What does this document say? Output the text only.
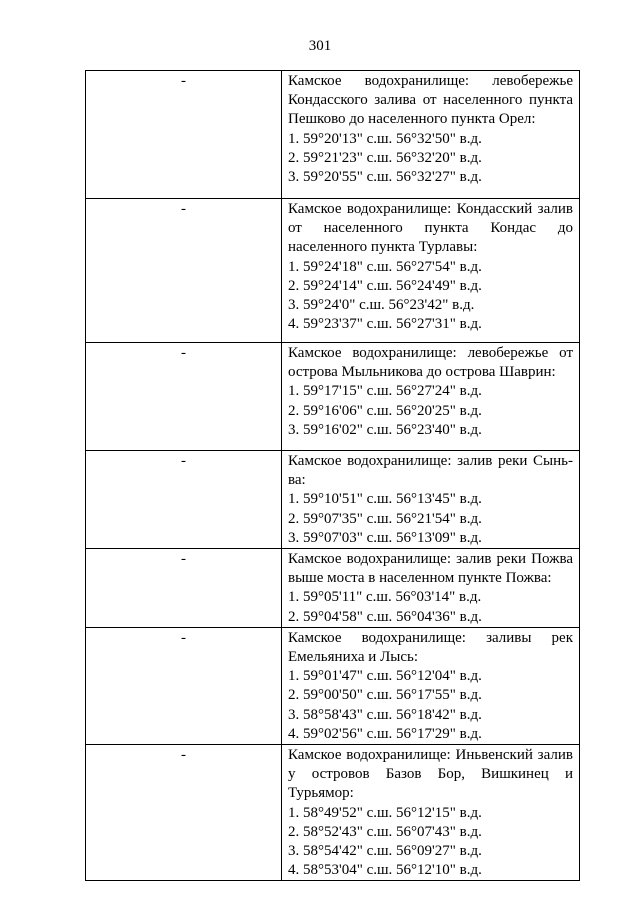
301
-	Камское водохранилище: левобережье Кондасского залива от населенного пункта Пешково до населенного пункта Орел:
1. 59°20'13" с.ш. 56°32'50" в.д.
2. 59°21'23" с.ш. 56°32'20" в.д.
3. 59°20'55" с.ш. 56°32'27" в.д.

-	Камское водохранилище: Кондасский залив от населенного пункта Кондас до населенного пункта Турлавы:
1. 59°24'18" с.ш. 56°27'54" в.д.
2. 59°24'14" с.ш. 56°24'49" в.д.
3. 59°24'0" с.ш. 56°23'42" в.д.
4. 59°23'37" с.ш. 56°27'31" в.д.

-	Камское водохранилище: левобережье от острова Мыльникова до острова Шаврин:
1. 59°17'15" с.ш. 56°27'24" в.д.
2. 59°16'06" с.ш. 56°20'25" в.д.
3. 59°16'02" с.ш. 56°23'40" в.д.

-	Камское водохранилище: залив реки Сыньва:
1. 59°10'51" с.ш. 56°13'45" в.д.
2. 59°07'35" с.ш. 56°21'54" в.д.
3. 59°07'03" с.ш. 56°13'09" в.д.

-	Камское водохранилище: залив реки Пожва выше моста в населенном пункте Пожва:
1. 59°05'11" с.ш. 56°03'14" в.д.
2. 59°04'58" с.ш. 56°04'36" в.д.

-	Камское водохранилище: заливы рек Емельяниха и Лысь:
1. 59°01'47" с.ш. 56°12'04" в.д.
2. 59°00'50" с.ш. 56°17'55" в.д.
3. 58°58'43" с.ш. 56°18'42" в.д.
4. 59°02'56" с.ш. 56°17'29" в.д.

-	Камское водохранилище: Иньвенский залив у островов Базов Бор, Вишкинец и Турьямор:
1. 58°49'52" с.ш. 56°12'15" в.д.
2. 58°52'43" с.ш. 56°07'43" в.д.
3. 58°54'42" с.ш. 56°09'27" в.д.
4. 58°53'04" с.ш. 56°12'10" в.д.
